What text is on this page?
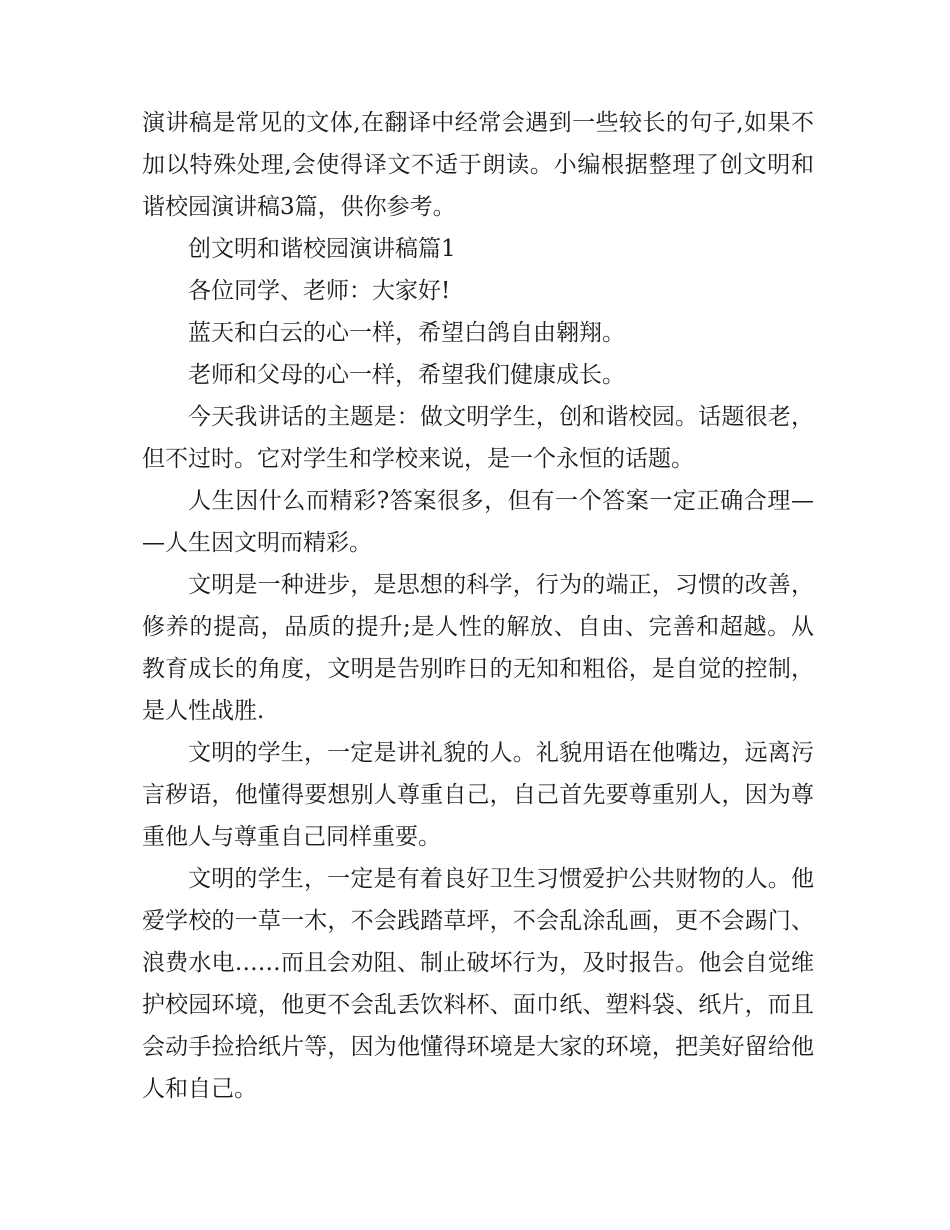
演讲稿是常见的文体,在翻译中经常会遇到一些较长的句子,如果不加以特殊处理,会使得译文不适于朗读。小编根据整理了创文明和谐校园演讲稿3篇，供你参考。

创文明和谐校园演讲稿篇1

各位同学、老师：大家好!

蓝天和白云的心一样，希望白鸽自由翱翔。

老师和父母的心一样，希望我们健康成长。

今天我讲话的主题是：做文明学生，创和谐校园。话题很老，但不过时。它对学生和学校来说，是一个永恒的话题。

人生因什么而精彩?答案很多，但有一个答案一定正确合理——人生因文明而精彩。

文明是一种进步，是思想的科学，行为的端正，习惯的改善，修养的提高，品质的提升;是人性的解放、自由、完善和超越。从教育成长的角度，文明是告别昨日的无知和粗俗，是自觉的控制，是人性战胜.

文明的学生，一定是讲礼貌的人。礼貌用语在他嘴边，远离污言秽语，他懂得要想别人尊重自己，自己首先要尊重别人，因为尊重他人与尊重自己同样重要。

文明的学生，一定是有着良好卫生习惯爱护公共财物的人。他爱学校的一草一木，不会践踏草坪，不会乱涂乱画，更不会踢门、浪费水电……而且会劝阻、制止破坏行为，及时报告。他会自觉维护校园环境，他更不会乱丢饮料杯、面巾纸、塑料袋、纸片，而且会动手捡拾纸片等，因为他懂得环境是大家的环境，把美好留给他人和自己。
